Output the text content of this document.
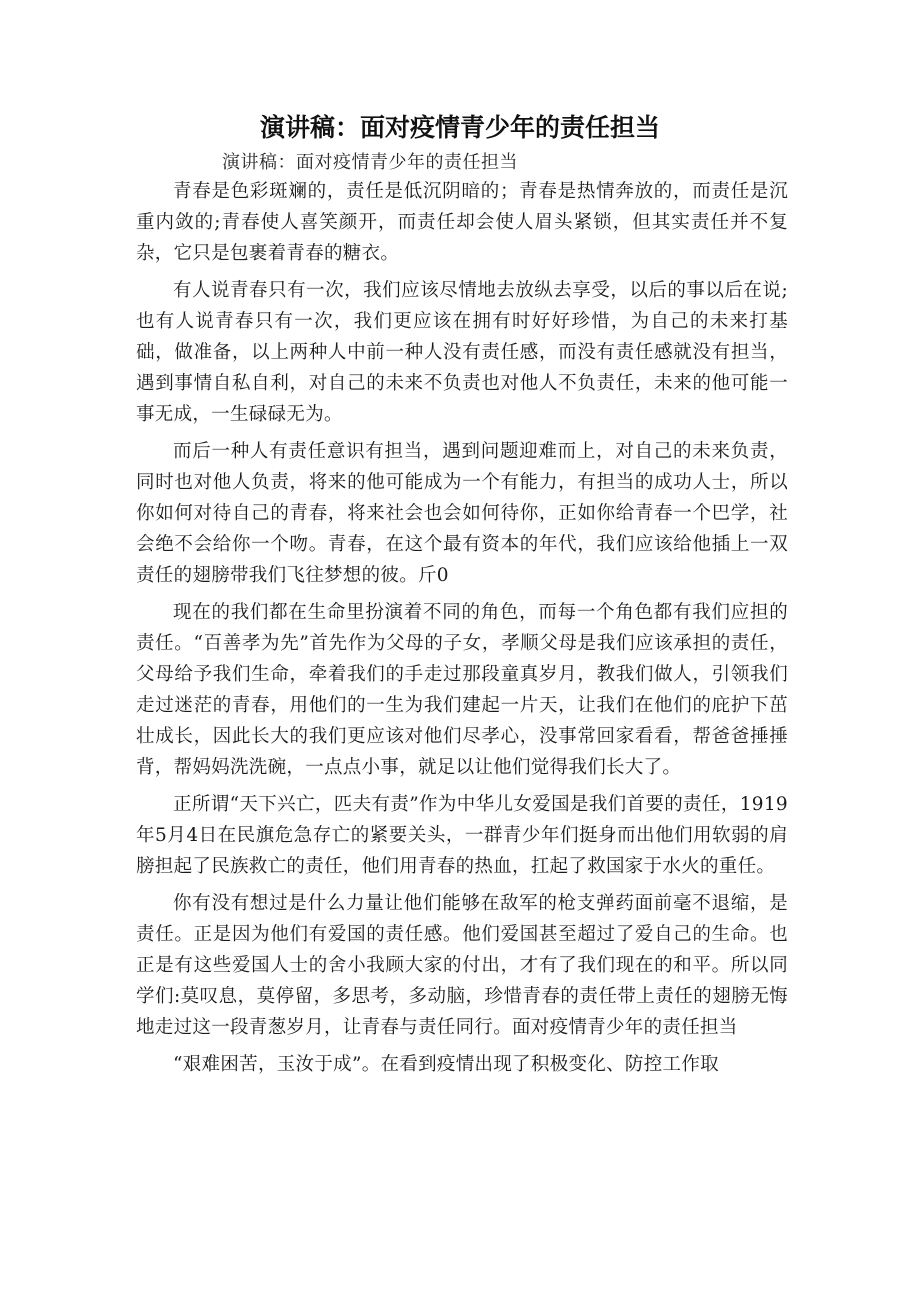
演讲稿：面对疫情青少年的责任担当
演讲稿：面对疫情青少年的责任担当

青春是色彩斑斓的，责任是低沉阴暗的；青春是热情奔放的，而责任是沉重内敛的;青春使人喜笑颜开，而责任却会使人眉头紧锁，但其实责任并不复杂，它只是包裹着青春的糖衣。

有人说青春只有一次，我们应该尽情地去放纵去享受，以后的事以后在说;也有人说青春只有一次，我们更应该在拥有时好好珍惜，为自己的未来打基础，做准备，以上两种人中前一种人没有责任感，而没有责任感就没有担当，遇到事情自私自利，对自己的未来不负责也对他人不负责任，未来的他可能一事无成，一生碌碌无为。

而后一种人有责任意识有担当，遇到问题迎难而上，对自己的未来负责，同时也对他人负责，将来的他可能成为一个有能力，有担当的成功人士，所以你如何对待自己的青春，将来社会也会如何待你，正如你给青春一个巴学，社会绝不会给你一个吻。青春，在这个最有资本的年代，我们应该给他插上一双责任的翅膀带我们飞往梦想的彼。斤0

现在的我们都在生命里扮演着不同的角色，而每一个角色都有我们应担的责任。“百善孝为先”首先作为父母的子女，孝顺父母是我们应该承担的责任，父母给予我们生命，牵着我们的手走过那段童真岁月，教我们做人，引领我们走过迷茫的青春，用他们的一生为我们建起一片天，让我们在他们的庇护下茁壮成长，因此长大的我们更应该对他们尽孝心，没事常回家看看，帮爸爸捶捶背，帮妈妈洗洗碗，一点点小事，就足以让他们觉得我们长大了。

正所谓“天下兴亡，匹夫有责”作为中华儿女爱国是我们首要的责任，1919年5月4日在民旗危急存亡的紧要关头，一群青少年们挺身而出他们用软弱的肩膀担起了民族救亡的责任，他们用青春的热血，扛起了救国家于水火的重任。

你有没有想过是什么力量让他们能够在敌军的枪支弹药面前毫不退缩，是责任。正是因为他们有爱国的责任感。他们爱国甚至超过了爱自己的生命。也正是有这些爱国人士的舍小我顾大家的付出，才有了我们现在的和平。所以同学们:莫叹息，莫停留，多思考，多动脑，珍惜青春的责任带上责任的翅膀无悔地走过这一段青葱岁月，让青春与责任同行。面对疫情青少年的责任担当

“艰难困苦，玉汝于成”。在看到疫情出现了积极变化、防控工作取
